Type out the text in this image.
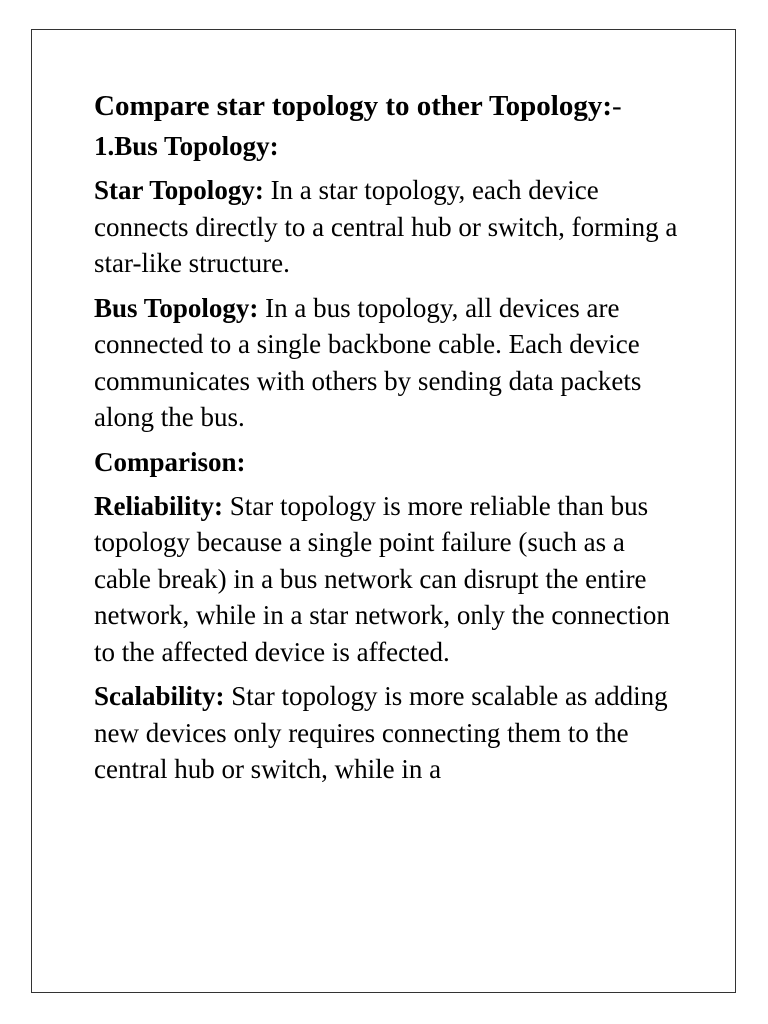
Compare star topology to other Topology:-
1.Bus Topology:

Star Topology: In a star topology, each device connects directly to a central hub or switch, forming a star-like structure.

Bus Topology: In a bus topology, all devices are connected to a single backbone cable. Each device communicates with others by sending data packets along the bus.

Comparison:

Reliability: Star topology is more reliable than bus topology because a single point failure (such as a cable break) in a bus network can disrupt the entire network, while in a star network, only the connection to the affected device is affected.

Scalability: Star topology is more scalable as adding new devices only requires connecting them to the central hub or switch, while in a
